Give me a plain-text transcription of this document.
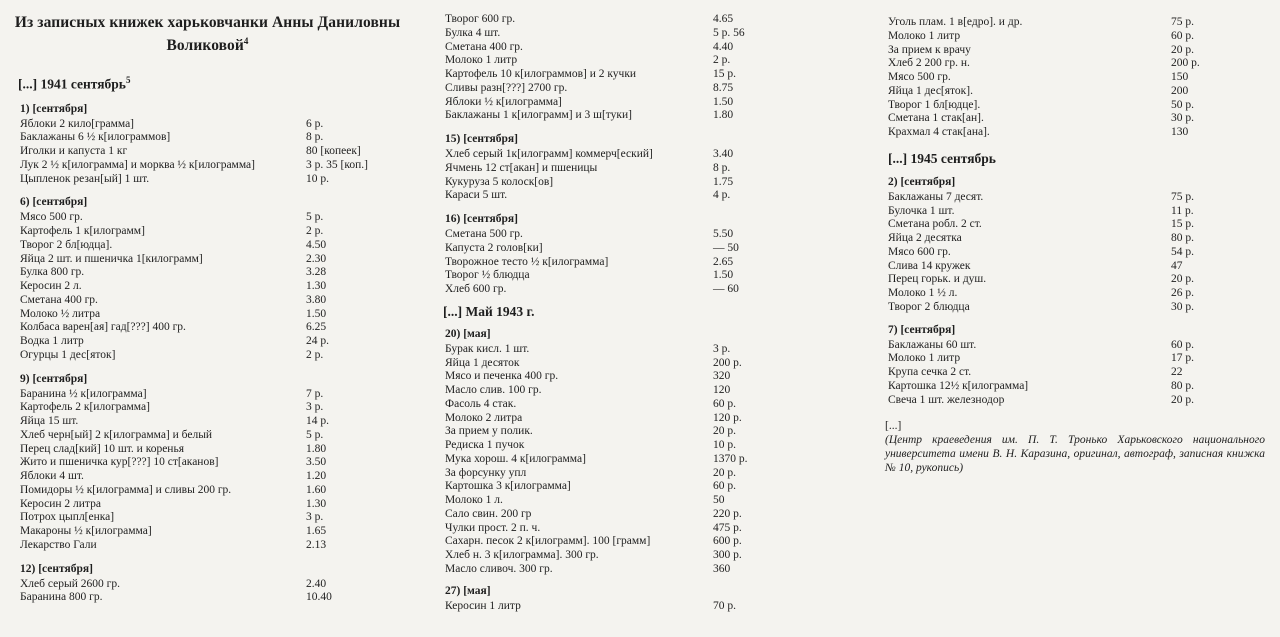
Из записных книжек харьковчанки Анны Даниловны Воликовой$^4$
[...] 1941 сентябрь$^5$
1) [сентября]
Яблоки 2 кило[грамма]	6 р.
Баклажаны 6 ½ к[илограммов]	8 р.
Иголки и капуста 1 кг	80 [копеек]
Лук 2 ½ к[илограмма] и морква ½ к[илограмма]	3 р. 35 [коп.]
Цыпленок резан[ый] 1 шт.	10 р.
6) [сентября]
Мясо 500 гр.	5 р.
Картофель 1 к[илограмм]	2 р.
Творог 2 бл[юдца].	4.50
Яйца 2 шт. и пшеничка 1[килограмм]	2.30
Булка 800 гр.	3.28
Керосин 2 л.	1.30
Сметана 400 гр.	3.80
Молоко ½ литра	1.50
Колбаса варен[ая] гад[???] 400 гр.	6.25
Водка 1 литр	24 р.
Огурцы 1 дес[яток]	2 р.
9) [сентября]
Баранина ½ к[илограмма]	7 р.
Картофель 2 к[илограмма]	3 р.
Яйца 15 шт.	14 р.
Хлеб черн[ый] 2 к[илограмма] и белый	5 р.
Перец слад[кий] 10 шт. и коренья	1.80
Жито и пшеничка кур[???] 10 ст[аканов]	3.50
Яблоки 4 шт.	1.20
Помидоры ½ к[илограмма] и сливы 200 гр.	1.60
Керосин 2 литра	1.30
Потрох цыпл[енка]	3 р.
Макароны ½ к[илограмма]	1.65
Лекарство Гали	2.13
12) [сентября]
Хлеб серый 2600 гр.	2.40
Баранина 800 гр.	10.40
Творог 600 гр.	4.65
Булка 4 шт.	5 р. 56
Сметана 400 гр.	4.40
Молоко 1 литр	2 р.
Картофель 10 к[илограммов] и 2 кучки	15 р.
Сливы разн[???] 2700 гр.	8.75
Яблоки ½ к[илограмма]	1.50
Баклажаны 1 к[илограмм] и 3 ш[туки]	1.80
15) [сентября]
Хлеб серый 1к[илограмм] коммерч[еский]	3.40
Ячмень 12 ст[акан] и пшеницы	8 р.
Кукуруза 5 колоск[ов]	1.75
Караси 5 шт.	4 р.
16) [сентября]
Сметана 500 гр.	5.50
Капуста 2 голов[ки]	— 50
Творожное тесто ½ к[илограмма]	2.65
Творог ½ блюдца	1.50
Хлеб 600 гр.	— 60
[...] Май 1943 г.
20) [мая]
Бурак кисл. 1 шт.	3 р.
Яйца 1 десяток	200 р.
Мясо и печенка 400 гр.	320
Масло слив. 100 гр.	120
Фасоль 4 стак.	60 р.
Молоко 2 литра	120 р.
За прием у полик.	20 р.
Редиска 1 пучок	10 р.
Мука хорош. 4 к[илограмма]	1370 р.
За форсунку упл	20 р.
Картошка 3 к[илограмма]	60 р.
Молоко 1 л.	50
Сало свин. 200 гр	220 р.
Чулки прост. 2 п. ч.	475 р.
Сахарн. песок 2 к[илограмм]. 100 [грамм]	600 р.
Хлеб н. 3 к[илограмма]. 300 гр.	300 р.
Масло сливоч. 300 гр.	360
27) [мая]
Керосин 1 литр	70 р.
Уголь плам. 1 в[едро]. и др.	75 р.
Молоко 1 литр	60 р.
За прием к врачу	20 р.
Хлеб 2 200 гр. н.	200 р.
Мясо 500 гр.	150
Яйца 1 дес[яток].	200
Творог 1 бл[юдце].	50 р.
Сметана 1 стак[ан].	30 р.
Крахмал 4 стак[ана].	130
[...] 1945 сентябрь
2) [сентября]
Баклажаны 7 десят.	75 р.
Булочка 1 шт.	11 р.
Сметана робл. 2 ст.	15 р.
Яйца 2 десятка	80 р.
Мясо 600 гр.	54 р.
Слива 14 кружек	47
Перец горьк. и душ.	20 р.
Молоко 1 ½ л.	26 р.
Творог 2 блюдца	30 р.
7) [сентября]
Баклажаны 60 шт.	60 р.
Молоко 1 литр	17 р.
Крупа сечка 2 ст.	22
Картошка 12½ к[илограмма]	80 р.
Свеча 1 шт. железнодор	20 р.
[...]
(Центр краеведения им. П. Т. Тронько Харьковского национального университета имени В. Н. Каразина, оригинал, автограф, записная книжка № 10, рукопись)
